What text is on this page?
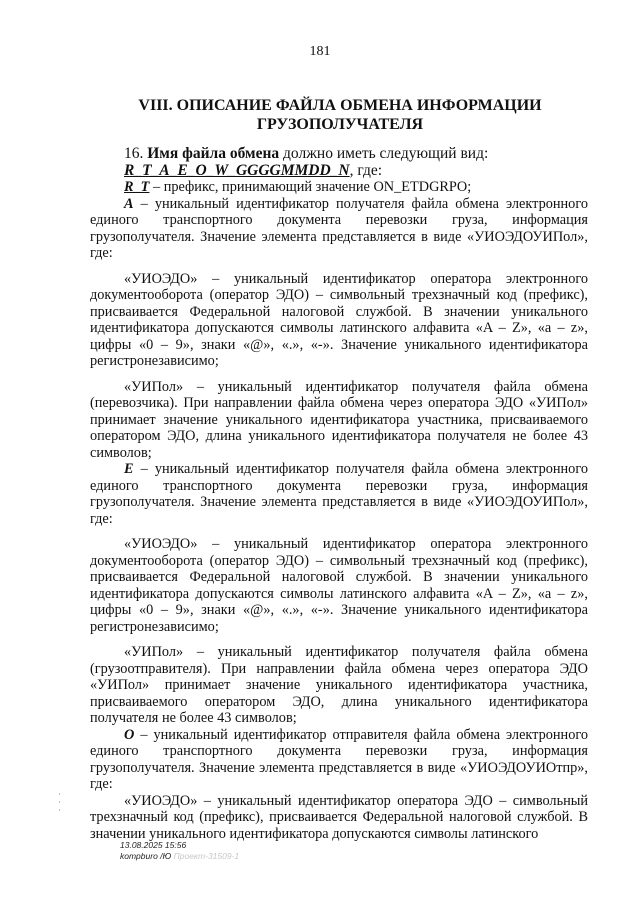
181
VIII. ОПИСАНИЕ ФАЙЛА ОБМЕНА ИНФОРМАЦИИ
ГРУЗОПОЛУЧАТЕЛЯ

16. Имя файла обмена должно иметь следующий вид:

R_T_A_E_O_W_GGGGMMDD_N, где:

R_T – префикс, принимающий значение ON_ETDGRPO;

A – уникальный идентификатор получателя файла обмена электронного единого транспортного документа перевозки груза, информация грузополучателя. Значение элемента представляется в виде «УИОЭДОУИПол», где:

«УИОЭДО» – уникальный идентификатор оператора электронного документооборота (оператор ЭДО) – символьный трехзначный код (префикс), присваивается Федеральной налоговой службой. В значении уникального идентификатора допускаются символы латинского алфавита «A – Z», «a – z», цифры «0 – 9», знаки «@», «.», «-». Значение уникального идентификатора регистронезависимо;

«УИПол» – уникальный идентификатор получателя файла обмена (перевозчика). При направлении файла обмена через оператора ЭДО «УИПол» принимает значение уникального идентификатора участника, присваиваемого оператором ЭДО, длина уникального идентификатора получателя не более 43 символов;

E – уникальный идентификатор получателя файла обмена электронного единого транспортного документа перевозки груза, информация грузополучателя. Значение элемента представляется в виде «УИОЭДОУИПол», где:

«УИОЭДО» – уникальный идентификатор оператора электронного документооборота (оператор ЭДО) – символьный трехзначный код (префикс), присваивается Федеральной налоговой службой. В значении уникального идентификатора допускаются символы латинского алфавита «A – Z», «a – z», цифры «0 – 9», знаки «@», «.», «-». Значение уникального идентификатора регистронезависимо;

«УИПол» – уникальный идентификатор получателя файла обмена (грузоотправителя). При направлении файла обмена через оператора ЭДО «УИПол» принимает значение уникального идентификатора участника, присваиваемого оператором ЭДО, длина уникального идентификатора получателя не более 43 символов;

O – уникальный идентификатор отправителя файла обмена электронного единого транспортного документа перевозки груза, информация грузополучателя. Значение элемента представляется в виде «УИОЭДОУИОтпр», где:

«УИОЭДО» – уникальный идентификатор оператора ЭДО – символьный трехзначный код (префикс), присваивается Федеральной налоговой службой. В значении уникального идентификатора допускаются символы латинского

·
·
·
13.08.2025 15:56
kompburo /Ю Проект-31509-1
